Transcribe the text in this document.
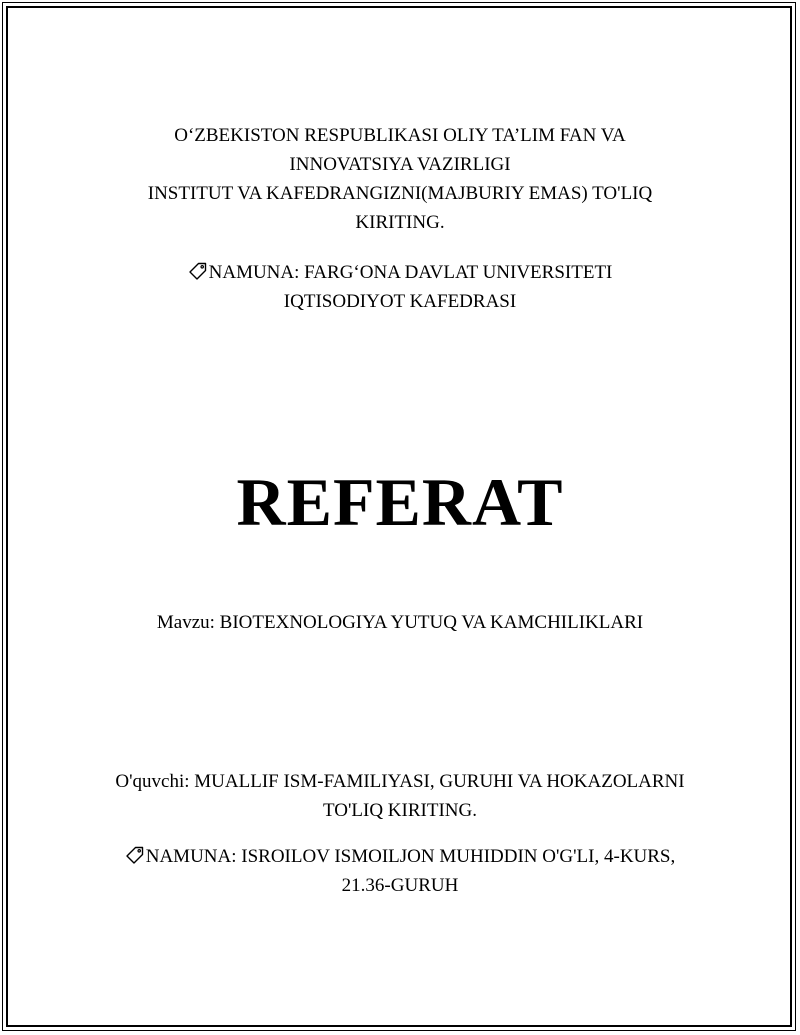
O‘ZBEKISTON RESPUBLIKASI OLIY TA’LIM FAN VA
INNOVATSIYA VAZIRLIGI
INSTITUT VA KAFEDRANGIZNI(MAJBURIY EMAS) TO'LIQ
KIRITING.
NAMUNA: FARG‘ONA DAVLAT UNIVERSITETI
IQTISODIYOT KAFEDRASI
REFERAT
Mavzu: BIOTEXNOLOGIYA YUTUQ VA KAMCHILIKLARI
O'quvchi: MUALLIF ISM-FAMILIYASI, GURUHI VA HOKAZOLARNI
TO'LIQ KIRITING.
NAMUNA: ISROILOV ISMOILJON MUHIDDIN O'G'LI, 4-KURS,
21.36-GURUH
